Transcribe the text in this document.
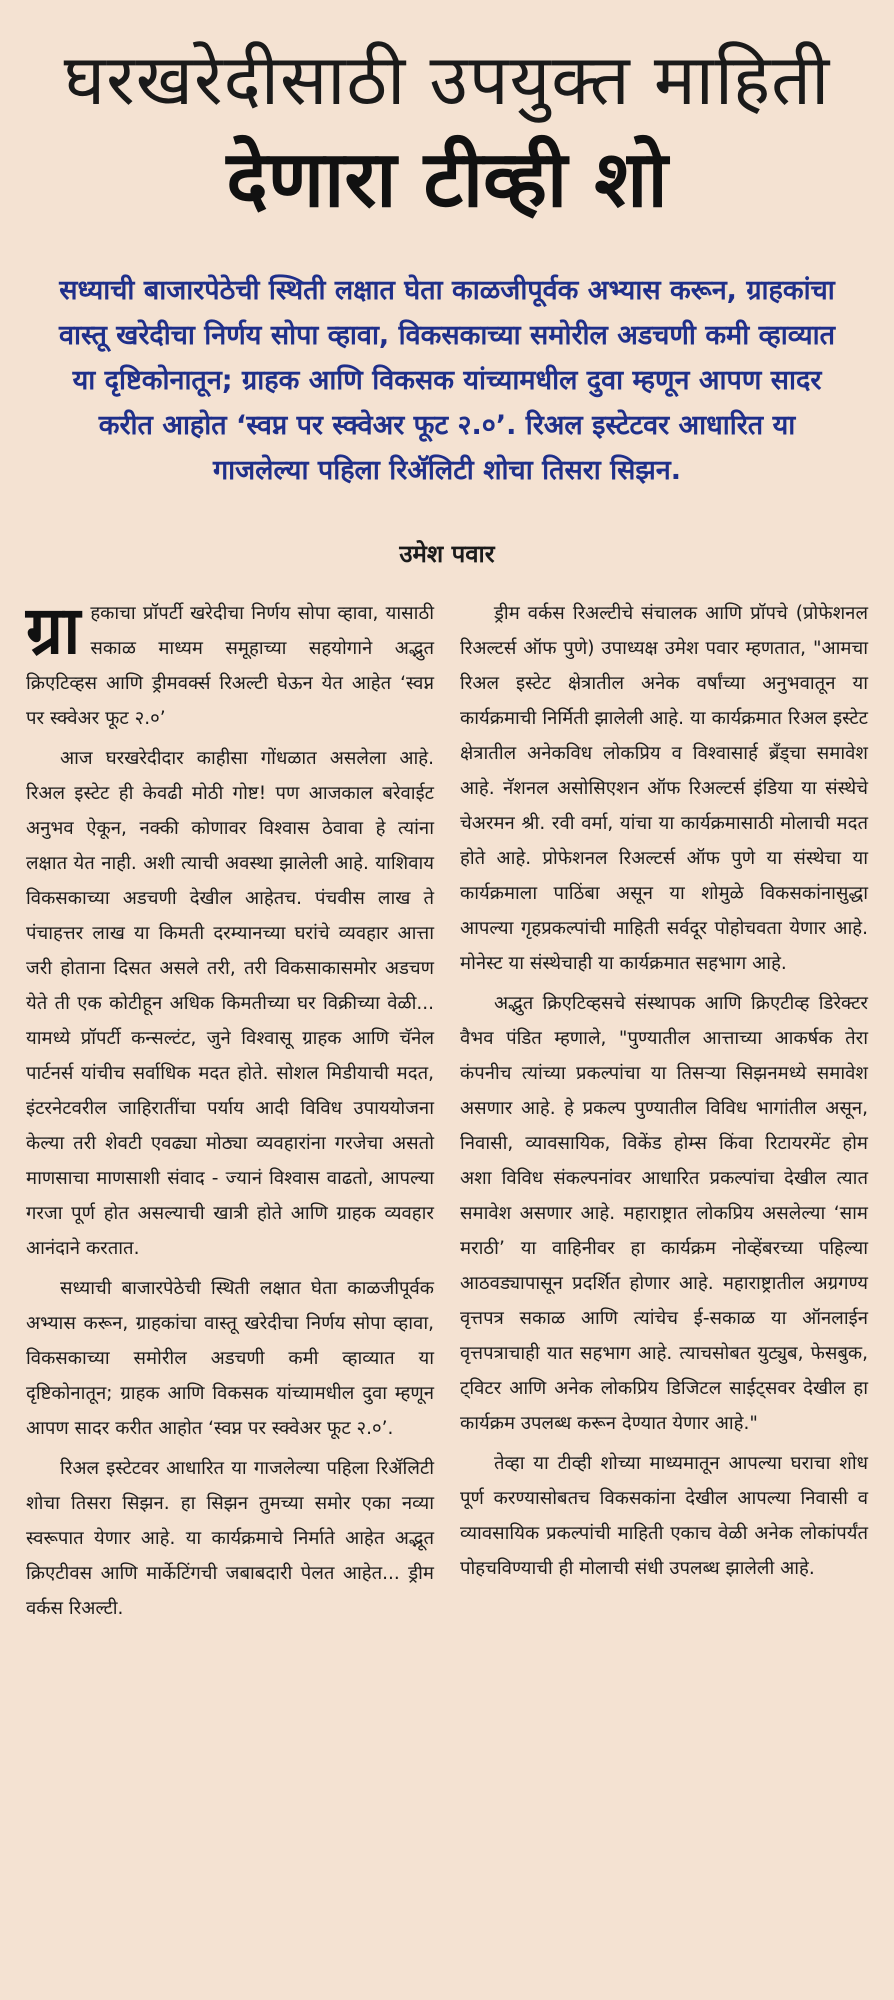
घरखरेदीसाठी उपयुक्त माहिती
देणारा टीव्ही शो
सध्याची बाजारपेठेची स्थिती लक्षात घेता काळजीपूर्वक अभ्यास करून, ग्राहकांचा वास्तू खरेदीचा निर्णय सोपा व्हावा, विकसकाच्या समोरील अडचणी कमी व्हाव्यात या दृष्टिकोनातून; ग्राहक आणि विकसक यांच्यामधील दुवा म्हणून आपण सादर करीत आहोत ‘स्वप्न पर स्क्वेअर फूट २.०’. रिअल इस्टेटवर आधारित या गाजलेल्या पहिला रिॲलिटी शोचा तिसरा सिझन.
उमेश पवार

ग्रा हकाचा प्रॉपर्टी खरेदीचा निर्णय सोपा व्हावा, यासाठी सकाळ माध्यम समूहाच्या सहयोगाने अद्भुत क्रिएटिव्हस आणि ड्रीमवर्क्स रिअल्टी घेऊन येत आहेत ‘स्वप्न पर स्क्वेअर फूट २.०’

आज घरखरेदीदार काहीसा गोंधळात असलेला आहे. रिअल इस्टेट ही केवढी मोठी गोष्ट! पण आजकाल बरेवाईट अनुभव ऐकून, नक्की कोणावर विश्वास ठेवावा हे त्यांना लक्षात येत नाही. अशी त्याची अवस्था झालेली आहे. याशिवाय विकसकाच्या अडचणी देखील आहेतच. पंचवीस लाख ते पंचाहत्तर लाख या किमती दरम्यानच्या घरांचे व्यवहार आत्ता जरी होताना दिसत असले तरी, तरी विकसाकासमोर अडचण येते ती एक कोटीहून अधिक किमतीच्या घर विक्रीच्या वेळी... यामध्ये प्रॉपर्टी कन्सल्टंट, जुने विश्वासू ग्राहक आणि चॅनेल पार्टनर्स यांचीच सर्वाधिक मदत होते. सोशल मिडीयाची मदत, इंटरनेटवरील जाहिरातींचा पर्याय आदी विविध उपाययोजना केल्या तरी शेवटी एवढ्या मोठ्या व्यवहारांना गरजेचा असतो माणसाचा माणसाशी संवाद - ज्यानं विश्वास वाढतो, आपल्या गरजा पूर्ण होत असल्याची खात्री होते आणि ग्राहक व्यवहार आनंदाने करतात.

सध्याची बाजारपेठेची स्थिती लक्षात घेता काळजीपूर्वक अभ्यास करून, ग्राहकांचा वास्तू खरेदीचा निर्णय सोपा व्हावा, विकसकाच्या समोरील अडचणी कमी व्हाव्यात या दृष्टिकोनातून; ग्राहक आणि विकसक यांच्यामधील दुवा म्हणून आपण सादर करीत आहोत ‘स्वप्न पर स्क्वेअर फूट २.०’.

रिअल इस्टेटवर आधारित या गाजलेल्या पहिला रिॲलिटी शोचा तिसरा सिझन. हा सिझन तुमच्या समोर एका नव्या स्वरूपात येणार आहे. या कार्यक्रमाचे निर्माते आहेत अद्भूत क्रिएटीवस आणि मार्केटिंगची जबाबदारी पेलत आहेत... ड्रीम वर्कस रिअल्टी.

ड्रीम वर्कस रिअल्टीचे संचालक आणि प्रॉपचे (प्रोफेशनल रिअल्टर्स ऑफ पुणे) उपाध्यक्ष उमेश पवार म्हणतात, "आमचा रिअल इस्टेट क्षेत्रातील अनेक वर्षांच्या अनुभवातून या कार्यक्रमाची निर्मिती झालेली आहे. या कार्यक्रमात रिअल इस्टेट क्षेत्रातील अनेकविध लोकप्रिय व विश्वासार्ह ब्रँड्चा समावेश आहे. नॅशनल असोसिएशन ऑफ रिअल्टर्स इंडिया या संस्थेचे चेअरमन श्री. रवी वर्मा, यांचा या कार्यक्रमासाठी मोलाची मदत होते आहे. प्रोफेशनल रिअल्टर्स ऑफ पुणे या संस्थेचा या कार्यक्रमाला पाठिंबा असून या शोमुळे विकसकांनासुद्धा आपल्या गृहप्रकल्पांची माहिती सर्वदूर पोहोचवता येणार आहे. मोनेस्ट या संस्थेचाही या कार्यक्रमात सहभाग आहे.

अद्भुत क्रिएटिव्हसचे संस्थापक आणि क्रिएटीव्ह डिरेक्टर वैभव पंडित म्हणाले, "पुण्यातील आत्ताच्या आकर्षक तेरा कंपनीच त्यांच्या प्रकल्पांचा या तिसऱ्या सिझनमध्ये समावेश असणार आहे. हे प्रकल्प पुण्यातील विविध भागांतील असून, निवासी, व्यावसायिक, विकेंड होम्स किंवा रिटायरमेंट होम अशा विविध संकल्पनांवर आधारित प्रकल्पांचा देखील त्यात समावेश असणार आहे. महाराष्ट्रात लोकप्रिय असलेल्या ‘साम मराठी’ या वाहिनीवर हा कार्यक्रम नोव्हेंबरच्या पहिल्या आठवड्यापासून प्रदर्शित होणार आहे. महाराष्ट्रातील अग्रगण्य वृत्तपत्र सकाळ आणि त्यांचेच ई-सकाळ या ऑनलाईन वृत्तपत्राचाही यात सहभाग आहे. त्याचसोबत युट्युब, फेसबुक, ट्विटर आणि अनेक लोकप्रिय डिजिटल साईट्सवर देखील हा कार्यक्रम उपलब्ध करून देण्यात येणार आहे."

तेव्हा या टीव्ही शोच्या माध्यमातून आपल्या घराचा शोध पूर्ण करण्यासोबतच विकसकांना देखील आपल्या निवासी व व्यावसायिक प्रकल्पांची माहिती एकाच वेळी अनेक लोकांपर्यंत पोहचविण्याची ही मोलाची संधी उपलब्ध झालेली आहे.
